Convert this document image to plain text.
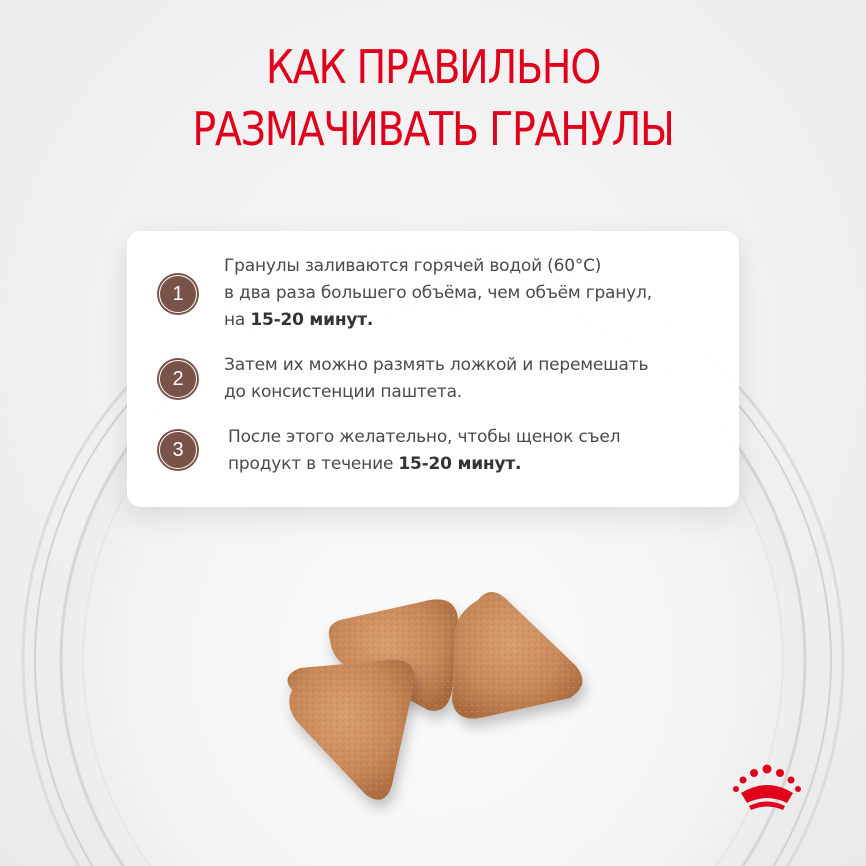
КАК ПРАВИЛЬНО
РАЗМАЧИВАТЬ ГРАНУЛЫ
1
Гранулы заливаются горячей водой (60°C)
в два раза большего объёма, чем объём гранул,
на 15-20 минут.
2
Затем их можно размять ложкой и перемешать
до консистенции паштета.
3
После этого желательно, чтобы щенок съел
продукт в течение 15-20 минут.
